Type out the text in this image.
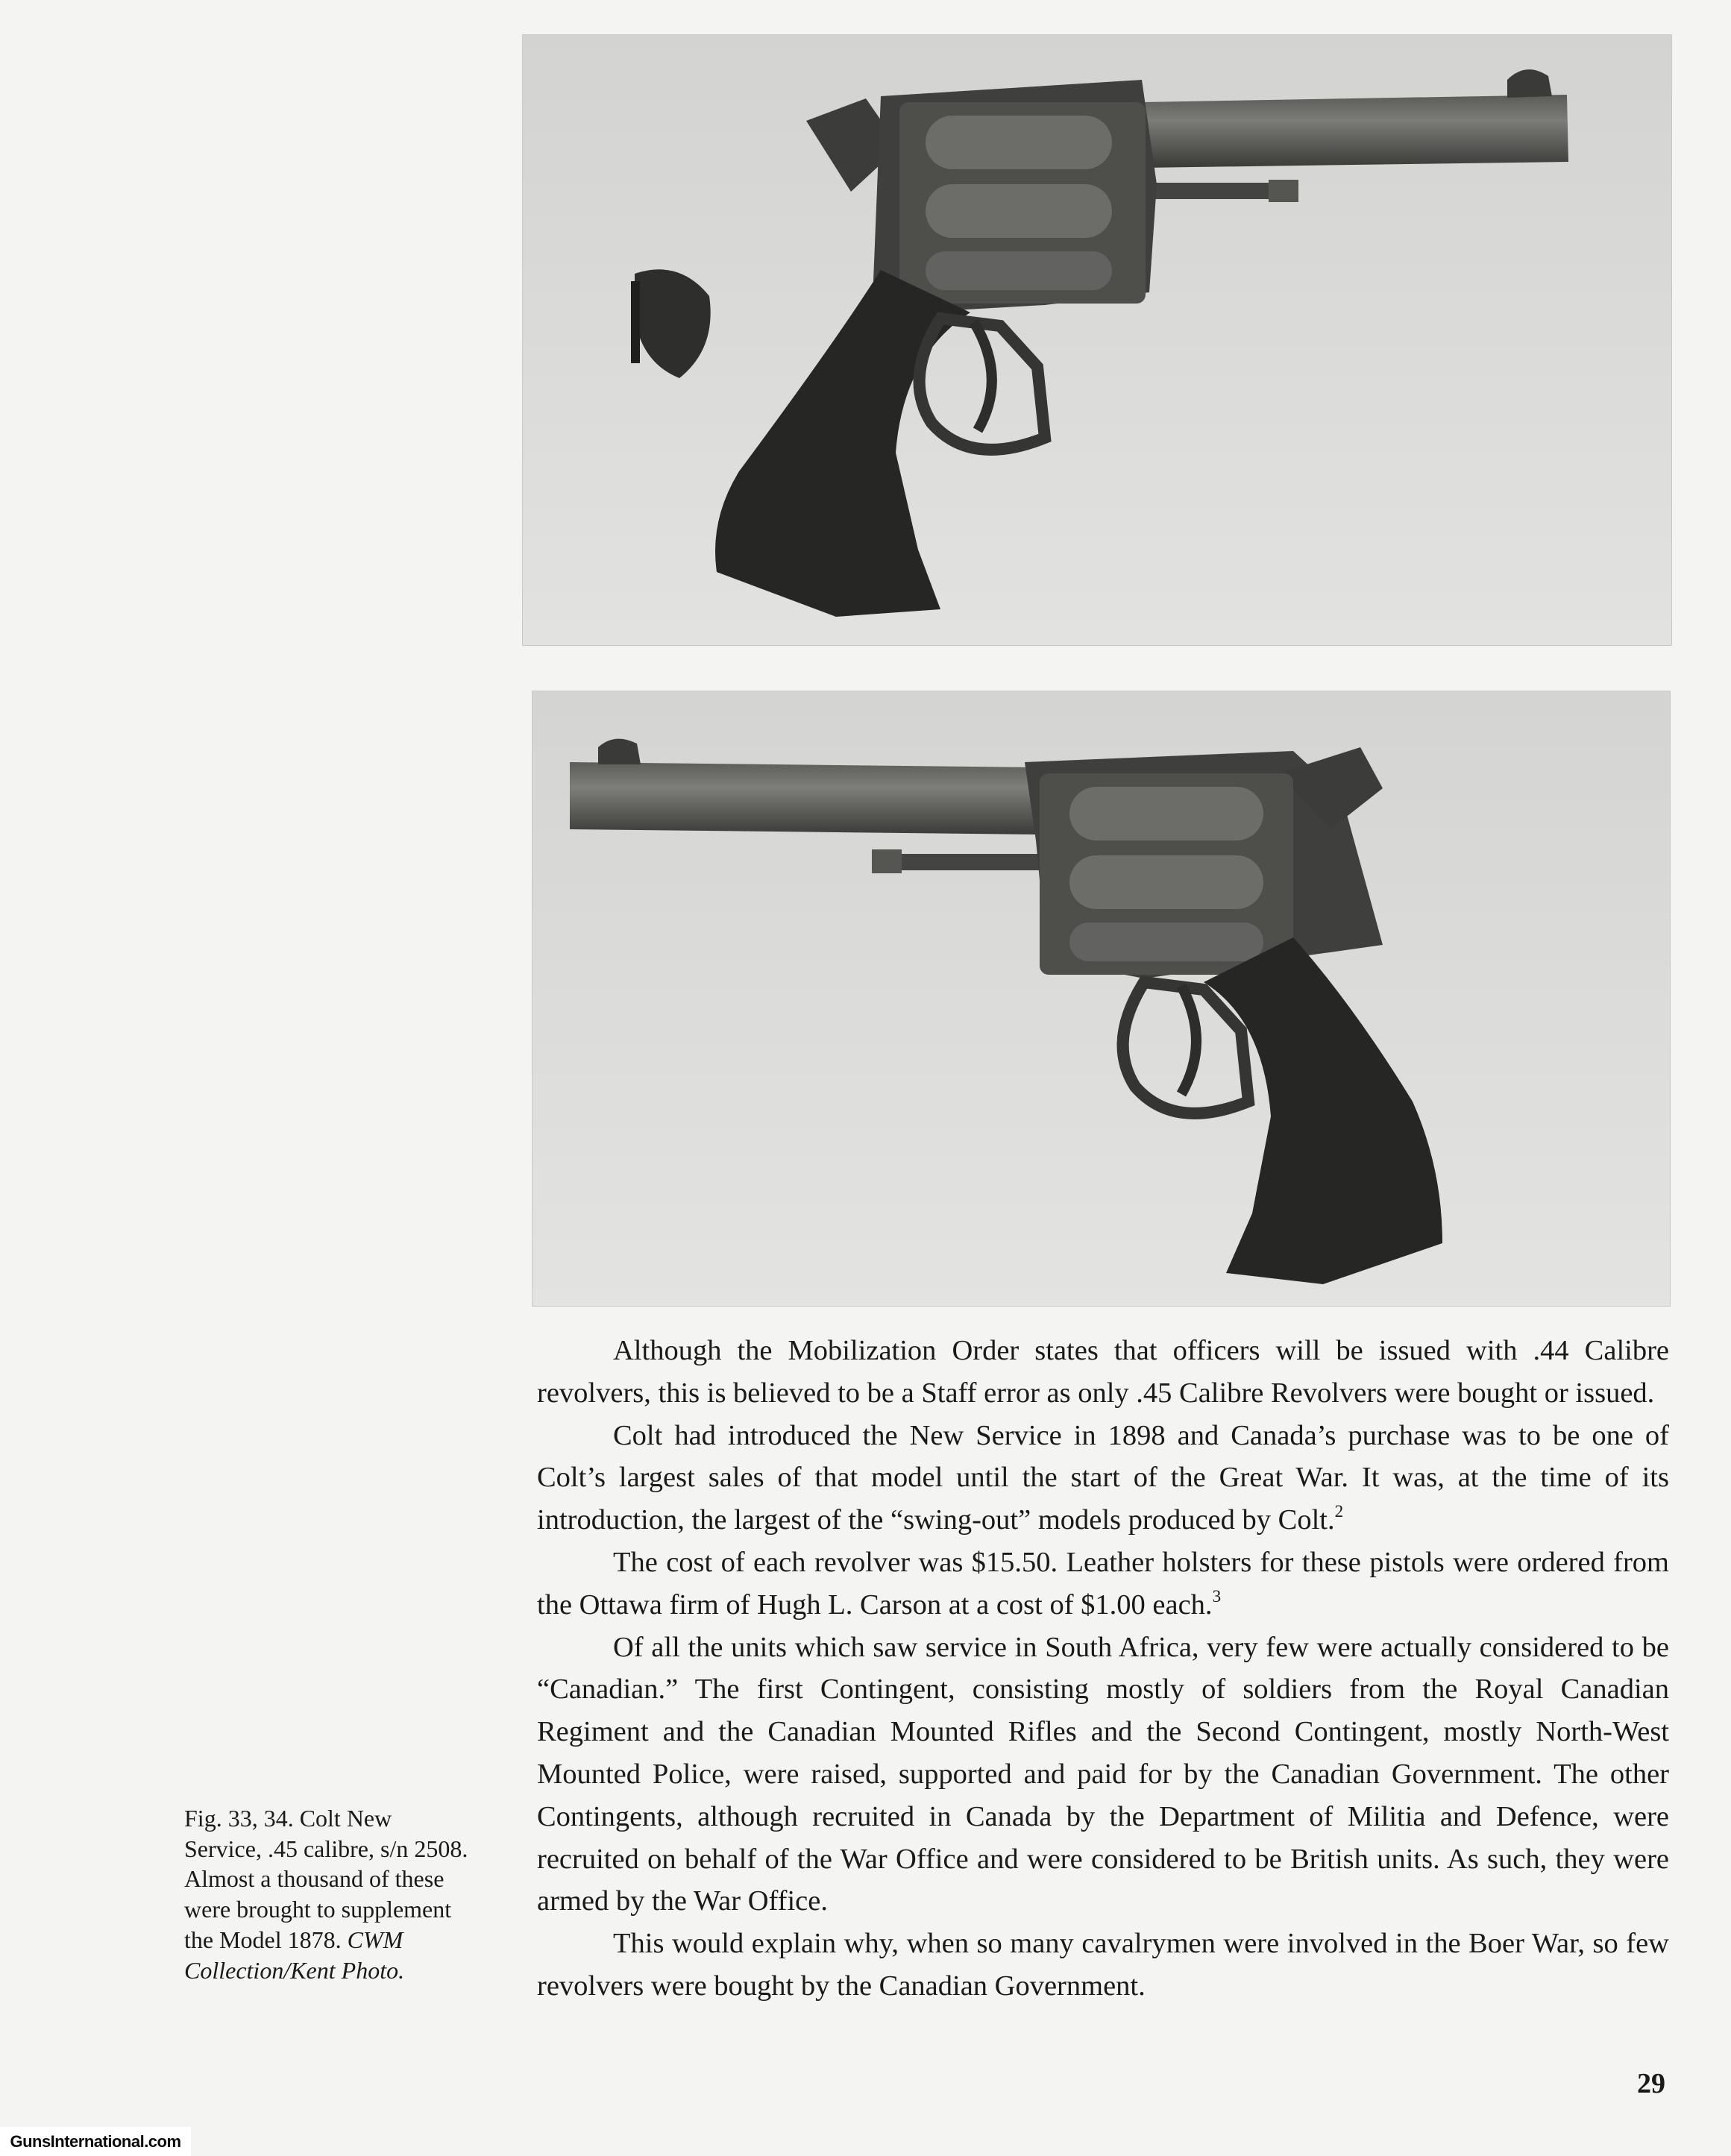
Although the Mobilization Order states that officers will be issued with .44 Calibre revolvers, this is believed to be a Staff error as only .45 Calibre Revolvers were bought or issued.

Colt had introduced the New Service in 1898 and Canada’s purchase was to be one of Colt’s largest sales of that model until the start of the Great War. It was, at the time of its introduction, the largest of the “swing-out” models produced by Colt.$^2$

The cost of each revolver was $15.50. Leather holsters for these pistols were ordered from the Ottawa firm of Hugh L. Carson at a cost of $1.00 each.$^3$

Of all the units which saw service in South Africa, very few were actually considered to be “Canadian.” The first Contingent, consisting mostly of soldiers from the Royal Canadian Regiment and the Canadian Mounted Rifles and the Second Contingent, mostly North-West Mounted Police, were raised, supported and paid for by the Canadian Government. The other Contingents, although recruited in Canada by the Department of Militia and Defence, were recruited on behalf of the War Office and were considered to be British units. As such, they were armed by the War Office.

This would explain why, when so many cavalrymen were involved in the Boer War, so few revolvers were bought by the Canadian Government.

Fig. 33, 34. Colt New Service, .45 calibre, s/n 2508. Almost a thousand of these were brought to supplement the Model 1878. CWM Collection/Kent Photo.
29
GunsInternational.com
